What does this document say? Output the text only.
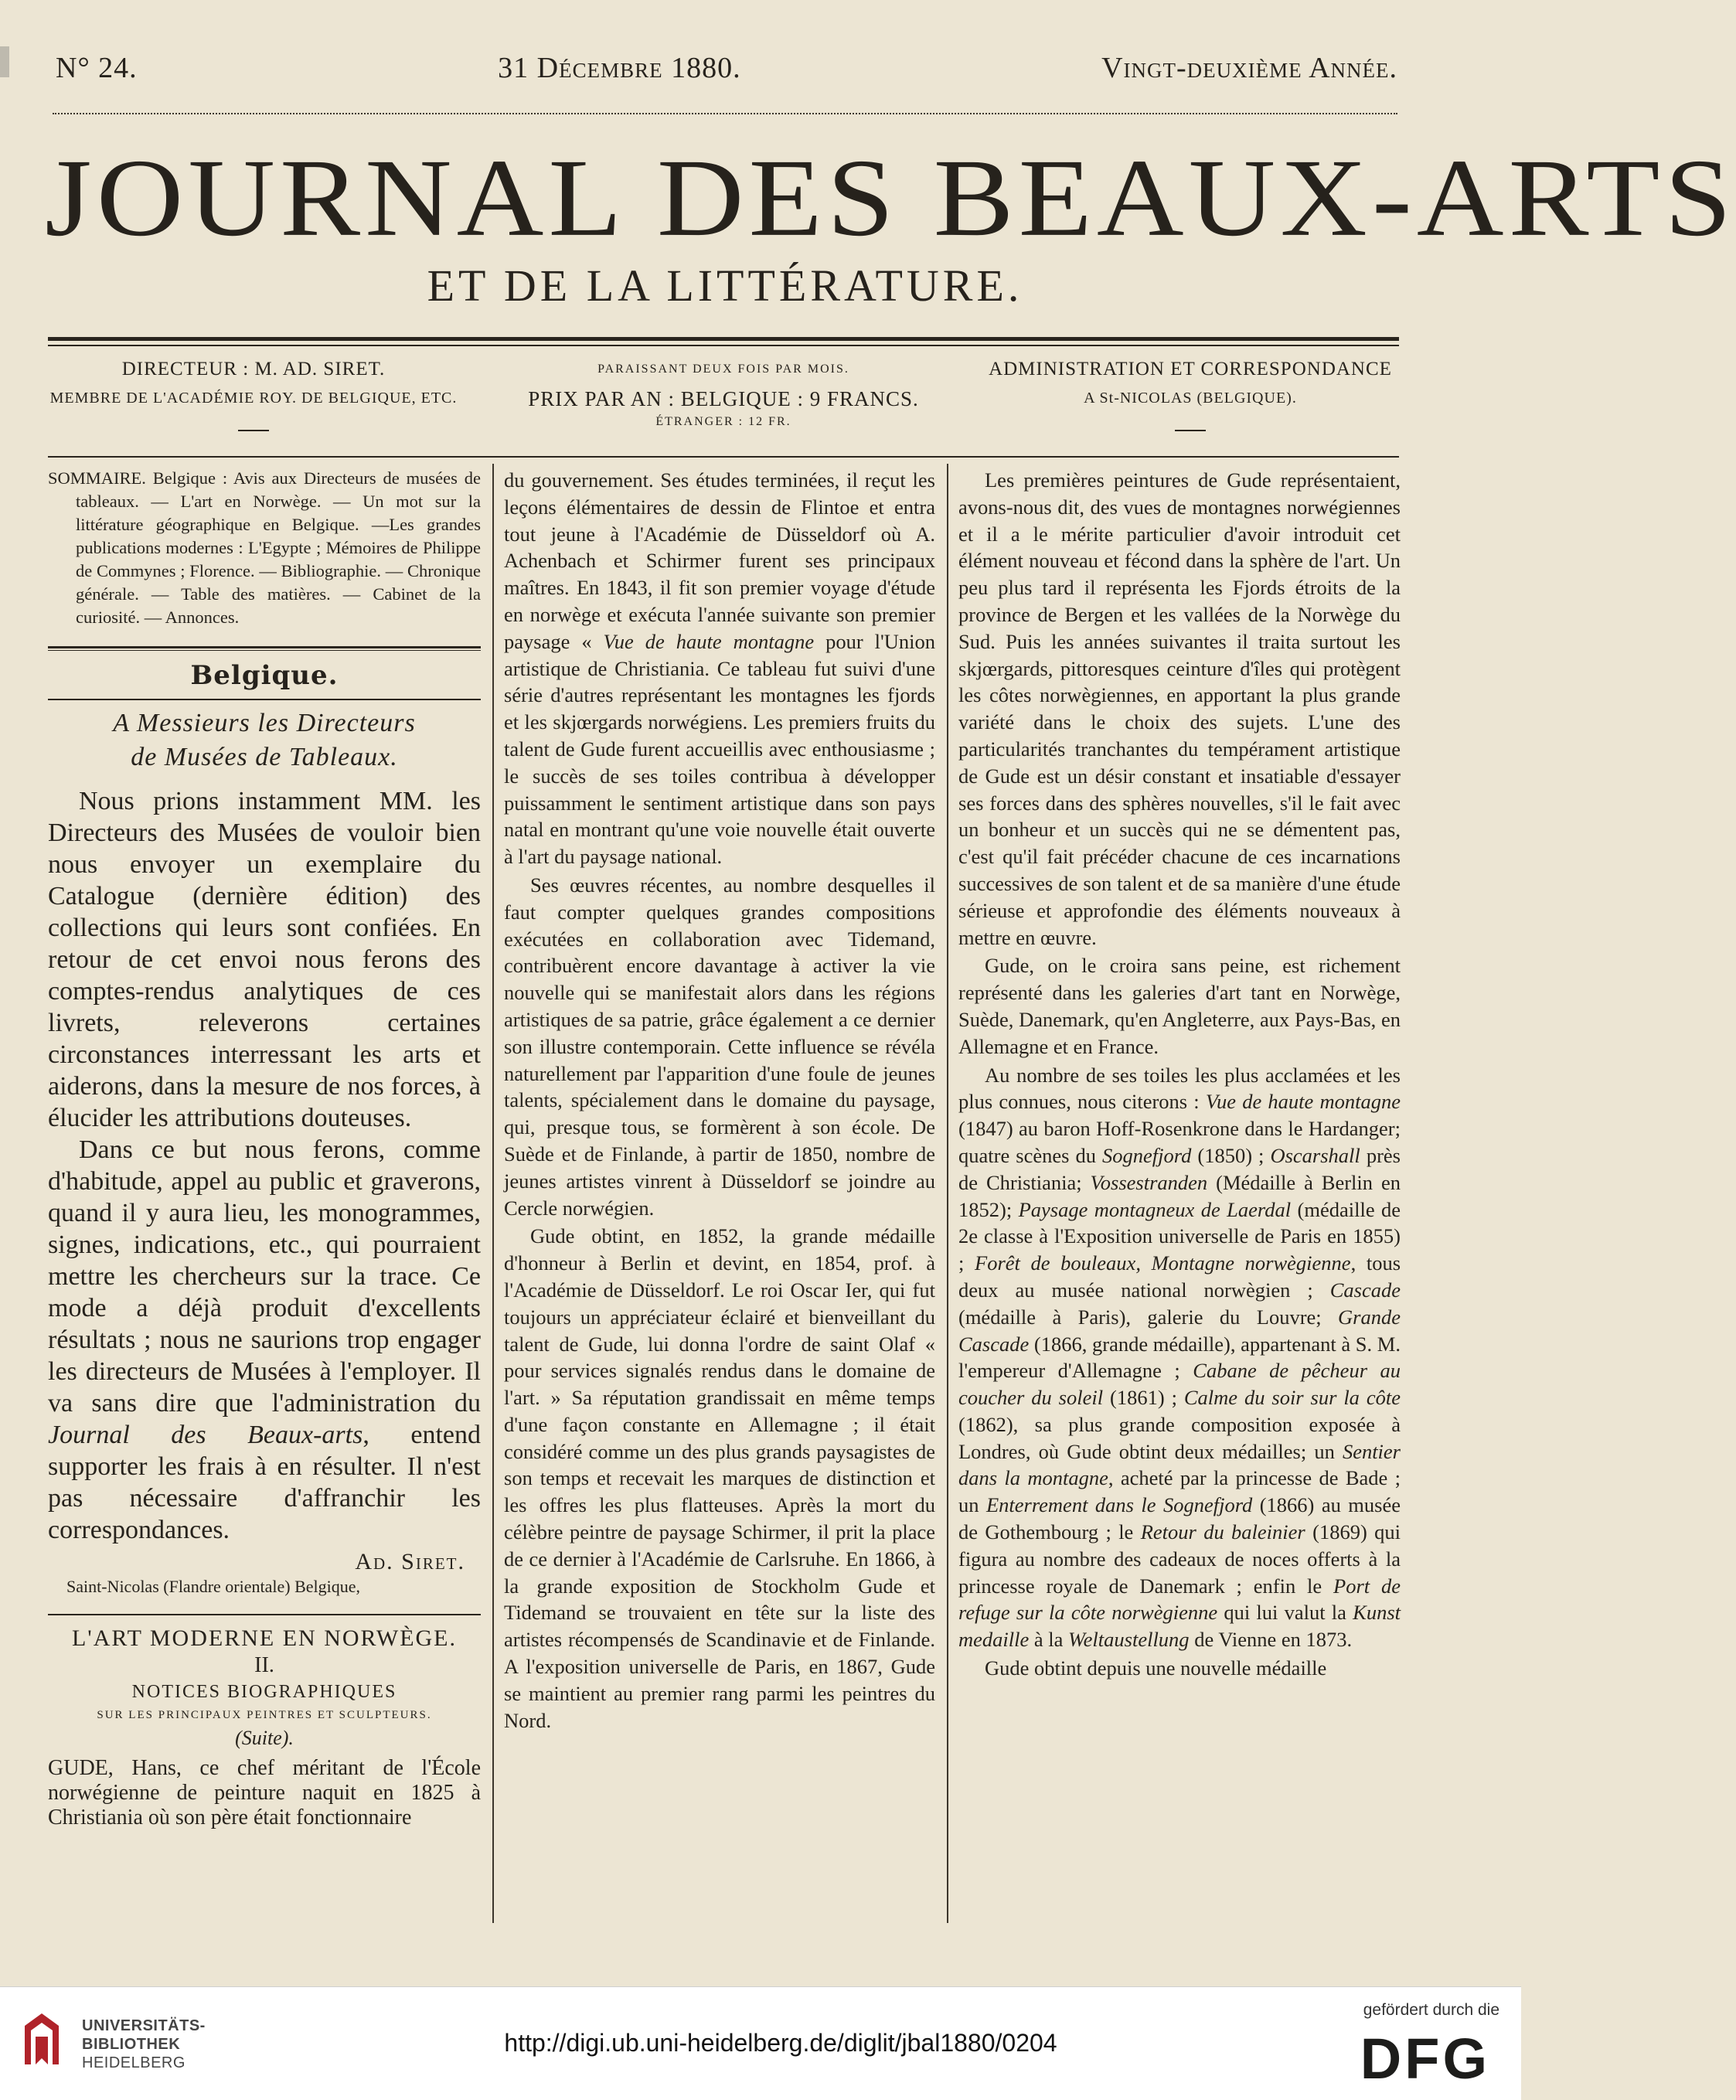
N° 24.	31 Décembre 1880.	Vingt-deuxième Année.
JOURNAL DES BEAUX-ARTS
ET DE LA LITTÉRATURE.
DIRECTEUR : M. AD. SIRET.
MEMBRE DE L'ACADÉMIE ROY. DE BELGIQUE, ETC.
PARAISSANT DEUX FOIS PAR MOIS.
PRIX PAR AN : BELGIQUE : 9 FRANCS.
ÉTRANGER : 12 FR.
ADMINISTRATION ET CORRESPONDANCE
A St-NICOLAS (BELGIQUE).
SOMMAIRE. Belgique : Avis aux Directeurs de musées de tableaux. — L'art en Norwège. — Un mot sur la littérature géographique en Belgique. —Les grandes publications modernes : L'Egypte ; Mémoires de Philippe de Commynes ; Florence. — Bibliographie. — Chronique générale. — Table des matières. — Cabinet de la curiosité. — Annonces.
Belgique.
A Messieurs les Directeurs
de Musées de Tableaux.
Nous prions instamment MM. les Directeurs des Musées de vouloir bien nous envoyer un exemplaire du Catalogue (dernière édition) des collections qui leurs sont confiées. En retour de cet envoi nous ferons des comptes-rendus analytiques de ces livrets, releverons certaines circonstances interressant les arts et aiderons, dans la mesure de nos forces, à élucider les attributions douteuses.
Dans ce but nous ferons, comme d'habitude, appel au public et graverons, quand il y aura lieu, les monogrammes, signes, indications, etc., qui pourraient mettre les chercheurs sur la trace. Ce mode a déjà produit d'excellents résultats ; nous ne saurions trop engager les directeurs de Musées à l'employer. Il va sans dire que l'administration du Journal des Beaux-arts, entend supporter les frais à en résulter. Il n'est pas nécessaire d'affranchir les correspondances.
Ad. Siret.
Saint-Nicolas (Flandre orientale) Belgique,
L'ART MODERNE EN NORWÈGE.
II.
NOTICES BIOGRAPHIQUES
SUR LES PRINCIPAUX PEINTRES ET SCULPTEURS.
(Suite).

GUDE, Hans, ce chef méritant de l'École norwégienne de peinture naquit en 1825 à Christiania où son père était fonctionnaire

du gouvernement. Ses études terminées, il reçut les leçons élémentaires de dessin de Flintoe et entra tout jeune à l'Académie de Düsseldorf où A. Achenbach et Schirmer furent ses principaux maîtres. En 1843, il fit son premier voyage d'étude en norwège et exécuta l'année suivante son premier paysage « Vue de haute montagne pour l'Union artistique de Christiania. Ce tableau fut suivi d'une série d'autres représentant les montagnes les fjords et les skjœrgards norwégiens. Les premiers fruits du talent de Gude furent accueillis avec enthousiasme ; le succès de ses toiles contribua à développer puissamment le sentiment artistique dans son pays natal en montrant qu'une voie nouvelle était ouverte à l'art du paysage national.

Ses œuvres récentes, au nombre desquelles il faut compter quelques grandes compositions exécutées en collaboration avec Tidemand, contribuèrent encore davantage à activer la vie nouvelle qui se manifestait alors dans les régions artistiques de sa patrie, grâce également a ce dernier son illustre contemporain. Cette influence se révéla naturellement par l'apparition d'une foule de jeunes talents, spécialement dans le domaine du paysage, qui, presque tous, se formèrent à son école. De Suède et de Finlande, à partir de 1850, nombre de jeunes artistes vinrent à Düsseldorf se joindre au Cercle norwégien.

Gude obtint, en 1852, la grande médaille d'honneur à Berlin et devint, en 1854, prof. à l'Académie de Düsseldorf. Le roi Oscar Ier, qui fut toujours un appréciateur éclairé et bienveillant du talent de Gude, lui donna l'ordre de saint Olaf « pour services signalés rendus dans le domaine de l'art. » Sa réputation grandissait en même temps d'une façon constante en Allemagne ; il était considéré comme un des plus grands paysagistes de son temps et recevait les marques de distinction et les offres les plus flatteuses. Après la mort du célèbre peintre de paysage Schirmer, il prit la place de ce dernier à l'Académie de Carlsruhe. En 1866, à la grande exposition de Stockholm Gude et Tidemand se trouvaient en tête sur la liste des artistes récompensés de Scandinavie et de Finlande. A l'exposition universelle de Paris, en 1867, Gude se maintient au premier rang parmi les peintres du Nord.

Les premières peintures de Gude représentaient, avons-nous dit, des vues de montagnes norwégiennes et il a le mérite particulier d'avoir introduit cet élément nouveau et fécond dans la sphère de l'art. Un peu plus tard il représenta les Fjords étroits de la province de Bergen et les vallées de la Norwège du Sud. Puis les années suivantes il traita surtout les skjœrgards, pittoresques ceinture d'îles qui protègent les côtes norwègiennes, en apportant la plus grande variété dans le choix des sujets. L'une des particularités tranchantes du tempérament artistique de Gude est un désir constant et insatiable d'essayer ses forces dans des sphères nouvelles, s'il le fait avec un bonheur et un succès qui ne se démentent pas, c'est qu'il fait précéder chacune de ces incarnations successives de son talent et de sa manière d'une étude sérieuse et approfondie des éléments nouveaux à mettre en œuvre.

Gude, on le croira sans peine, est richement représenté dans les galeries d'art tant en Norwège, Suède, Danemark, qu'en Angleterre, aux Pays-Bas, en Allemagne et en France.

Au nombre de ses toiles les plus acclamées et les plus connues, nous citerons : Vue de haute montagne (1847) au baron Hoff-Rosenkrone dans le Hardanger; quatre scènes du Sognefjord (1850) ; Oscarshall près de Christiania; Vossestranden (Médaille à Berlin en 1852); Paysage montagneux de Laerdal (médaille de 2e classe à l'Exposition universelle de Paris en 1855) ; Forêt de bouleaux, Montagne norwègienne, tous deux au musée national norwègien ; Cascade (médaille à Paris), galerie du Louvre; Grande Cascade (1866, grande médaille), appartenant à S. M. l'empereur d'Allemagne ; Cabane de pêcheur au coucher du soleil (1861) ; Calme du soir sur la côte (1862), sa plus grande composition exposée à Londres, où Gude obtint deux médailles; un Sentier dans la montagne, acheté par la princesse de Bade ; un Enterrement dans le Sognefjord (1866) au musée de Gothembourg ; le Retour du baleinier (1869) qui figura au nombre des cadeaux de noces offerts à la princesse royale de Danemark ; enfin le Port de refuge sur la côte norwègienne qui lui valut la Kunst medaille à la Weltaustellung de Vienne en 1873.

Gude obtint depuis une nouvelle médaille

UNIVERSITÄTS-
BIBLIOTHEK
HEIDELBERG
http://digi.ub.uni-heidelberg.de/diglit/jbal1880/0204
gefördert durch die
DFG
